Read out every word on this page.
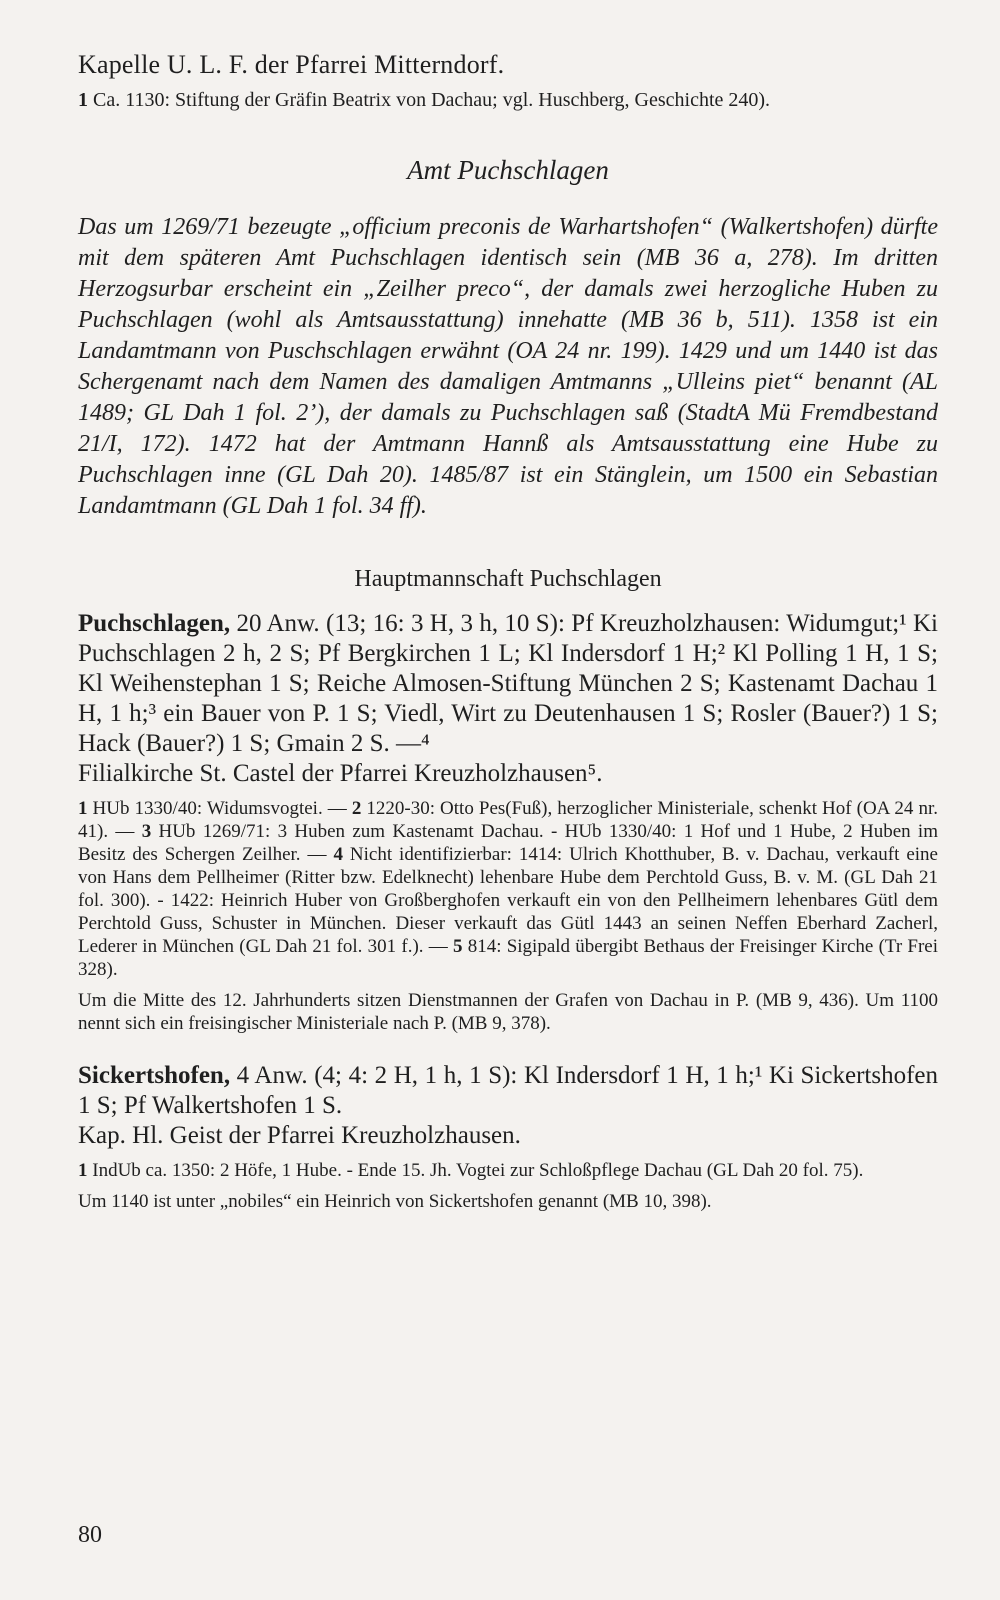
Kapelle U. L. F. der Pfarrei Mitterndorf.

1 Ca. 1130: Stiftung der Gräfin Beatrix von Dachau; vgl. Huschberg, Geschichte 240).

Amt Puchschlagen

Das um 1269/71 bezeugte „officium preconis de Warhartshofen“ (Walkertshofen) dürfte mit dem späteren Amt Puchschlagen identisch sein (MB 36 a, 278). Im dritten Herzogsurbar erscheint ein „Zeilher preco“, der damals zwei herzogliche Huben zu Puchschlagen (wohl als Amtsausstattung) innehatte (MB 36 b, 511). 1358 ist ein Landamtmann von Puschschlagen erwähnt (OA 24 nr. 199). 1429 und um 1440 ist das Schergenamt nach dem Namen des damaligen Amtmanns „Ulleins piet“ benannt (AL 1489; GL Dah 1 fol. 2’), der damals zu Puchschlagen saß (StadtA Mü Fremdbestand 21/I, 172). 1472 hat der Amtmann Hannß als Amtsausstattung eine Hube zu Puchschlagen inne (GL Dah 20). 1485/87 ist ein Stänglein, um 1500 ein Sebastian Landamtmann (GL Dah 1 fol. 34 ff).

Hauptmannschaft Puchschlagen

Puchschlagen, 20 Anw. (13; 16: 3 H, 3 h, 10 S): Pf Kreuzholzhausen: Widumgut;¹ Ki Puchschlagen 2 h, 2 S; Pf Bergkirchen 1 L; Kl Indersdorf 1 H;² Kl Polling 1 H, 1 S; Kl Weihenstephan 1 S; Reiche Almosen-Stiftung München 2 S; Kastenamt Dachau 1 H, 1 h;³ ein Bauer von P. 1 S; Viedl, Wirt zu Deutenhausen 1 S; Rosler (Bauer?) 1 S; Hack (Bauer?) 1 S; Gmain 2 S. —⁴

Filialkirche St. Castel der Pfarrei Kreuzholzhausen⁵.

1 HUb 1330/40: Widumsvogtei. — 2 1220-30: Otto Pes(Fuß), herzoglicher Ministeriale, schenkt Hof (OA 24 nr. 41). — 3 HUb 1269/71: 3 Huben zum Kastenamt Dachau. - HUb 1330/40: 1 Hof und 1 Hube, 2 Huben im Besitz des Schergen Zeilher. — 4 Nicht identifizierbar: 1414: Ulrich Khotthuber, B. v. Dachau, verkauft eine von Hans dem Pellheimer (Ritter bzw. Edelknecht) lehenbare Hube dem Perchtold Guss, B. v. M. (GL Dah 21 fol. 300). - 1422: Heinrich Huber von Großberghofen verkauft ein von den Pellheimern lehenbares Gütl dem Perchtold Guss, Schuster in München. Dieser verkauft das Gütl 1443 an seinen Neffen Eberhard Zacherl, Lederer in München (GL Dah 21 fol. 301 f.). — 5 814: Sigipald übergibt Bethaus der Freisinger Kirche (Tr Frei 328).

Um die Mitte des 12. Jahrhunderts sitzen Dienstmannen der Grafen von Dachau in P. (MB 9, 436). Um 1100 nennt sich ein freisingischer Ministeriale nach P. (MB 9, 378).

Sickertshofen, 4 Anw. (4; 4: 2 H, 1 h, 1 S): Kl Indersdorf 1 H, 1 h;¹ Ki Sickertshofen 1 S; Pf Walkertshofen 1 S.

Kap. Hl. Geist der Pfarrei Kreuzholzhausen.

1 IndUb ca. 1350: 2 Höfe, 1 Hube. - Ende 15. Jh. Vogtei zur Schloßpflege Dachau (GL Dah 20 fol. 75).

Um 1140 ist unter „nobiles“ ein Heinrich von Sickertshofen genannt (MB 10, 398).

80
